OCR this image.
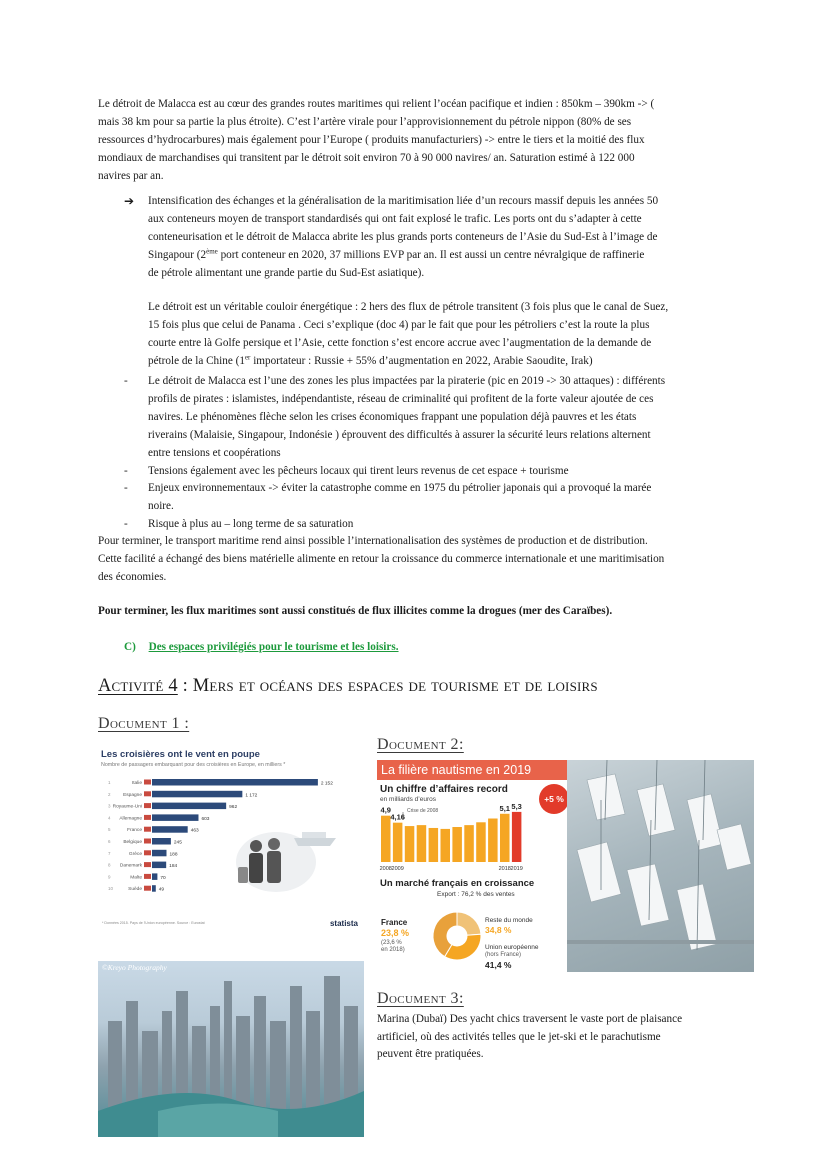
Le détroit de Malacca est au cœur des grandes routes maritimes qui relient l’océan pacifique et indien : 850km – 390km -> (
mais 38 km pour sa partie la plus étroite). C’est l’artère virale pour l’approvisionnement du pétrole nippon (80% de ses
ressources d’hydrocarbures) mais également pour l’Europe ( produits manufacturiers) -> entre le tiers et la moitié des flux
mondiaux de marchandises qui transitent par le détroit soit environ 70 à 90 000 navires/ an. Saturation estimé à 122 000
navires par an.
➔ Intensification des échanges et la généralisation de la maritimisation liée d’un recours massif depuis les années 50
aux conteneurs moyen de transport standardisés qui ont fait explosé le trafic. Les ports ont du s’adapter à cette
conteneurisation et le détroit de Malacca abrite les plus grands ports conteneurs de l’Asie du Sud-Est à l’image de
Singapour (2ème port conteneur en 2020, 37 millions EVP par an. Il est aussi un centre névralgique de raffinerie
de pétrole alimentant une grande partie du Sud-Est asiatique).
Le détroit est un véritable couloir énergétique : 2 hers des flux de pétrole transitent (3 fois plus que le canal de Suez,
15 fois plus que celui de Panama . Ceci s’explique (doc 4) par le fait que pour les pétroliers c’est la route la plus
courte entre là Golfe persique et l’Asie, cette fonction s’est encore accrue avec l’augmentation de la demande de
pétrole de la Chine (1er importateur : Russie + 55% d’augmentation en 2022, Arabie Saoudite, Irak)
- Le détroit de Malacca est l’une des zones les plus impactées par la piraterie (pic en 2019 -> 30 attaques) : différents
profils de pirates : islamistes, indépendantiste, réseau de criminalité qui profitent de la forte valeur ajoutée de ces
navires. Le phénomènes flèche selon les crises économiques frappant une population déjà pauvres et les états
riverains (Malaisie, Singapour, Indonésie ) éprouvent des difficultés à assurer la sécurité leurs relations alternent
entre tensions et coopérations
- Tensions également avec les pêcheurs locaux qui tirent leurs revenus de cet espace + tourisme
- Enjeux environnementaux -> éviter la catastrophe comme en 1975 du pétrolier japonais qui a provoqué la marée
noire.
- Risque à plus au – long terme de sa saturation
Pour terminer, le transport maritime rend ainsi possible l’internationalisation des systèmes de production et de distribution.
Cette facilité a échangé des biens matérielle alimente en retour la croissance du commerce internationale et une maritimisation
des économies.
Pour terminer, les flux maritimes sont aussi constitués de flux illicites comme la drogues (mer des Caraïbes).
C) Des espaces privilégiés pour le tourisme et les loisirs.
Activité 4 : Mers et océans des espaces de tourisme et de loisirs
Document 1 :
Les croisières ont le vent en poupe
Nombre de passagers embarquant pour des croisières en Europe, en milliers *
1	Italie	2 152
2	Espagne	1 172
3 Royaume-Uni	962
4 Allemagne	603
5	France	463
6	Belgique	245
7	Grèce	188
8 Danemark	184
9	Malte	70
10	Suède	49
* Données 2015. Pays de l'Union européenne. Source : Eurostat	statista
Document 2:
La filière nautisme en 2019
Un chiffre d’affaires record
en milliards d’euros
4,9
2008
4,16
2009
5,1
2018
5,3
2019
Crise de 2008
+5 %
Un marché français en croissance
Export : 76,2 % des ventes
France
23,8 %
(23,6 %
en 2018)
Reste du monde
34,8 %
Union européenne
(hors France)
41,4 %
©Kreyo Photography
Document 3:
Marina (Dubaï) Des yacht chics traversent le vaste port de plaisance
artificiel, où des activités telles que le jet-ski et le parachutisme
peuvent être pratiquées.
